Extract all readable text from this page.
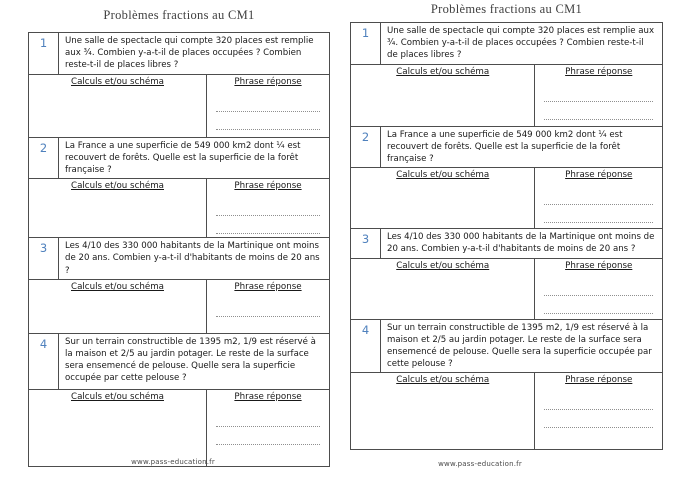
Problèmes fractions au CM1
1	Une salle de spectacle qui compte 320 places est remplie aux ¾. Combien y-a-t-il de places occupées ? Combien reste-t-il de places libres ?
Calculs et/ou schéma	Phrase réponse
2	La France a une superficie de 549 000 km2 dont ¼ est recouvert de forêts. Quelle est la superficie de la forêt française ?
Calculs et/ou schéma	Phrase réponse
3	Les 4/10 des 330 000 habitants de la Martinique ont moins de 20 ans. Combien y-a-t-il d'habitants de moins de 20 ans ?
Calculs et/ou schéma	Phrase réponse
4	Sur un terrain constructible de 1395 m2, 1/9 est réservé à la maison et 2/5 au jardin potager. Le reste de la surface sera ensemencé de pelouse. Quelle sera la superficie occupée par cette pelouse ?
Calculs et/ou schéma	Phrase réponse
Problèmes fractions au CM1
1	Une salle de spectacle qui compte 320 places est remplie aux ¾. Combien y-a-t-il de places occupées ? Combien reste-t-il de places libres ?
Calculs et/ou schéma	Phrase réponse
2	La France a une superficie de 549 000 km2 dont ¼ est recouvert de forêts. Quelle est la superficie de la forêt française ?
Calculs et/ou schéma	Phrase réponse
3	Les 4/10 des 330 000 habitants de la Martinique ont moins de 20 ans. Combien y-a-t-il d'habitants de moins de 20 ans ?
Calculs et/ou schéma	Phrase réponse
4	Sur un terrain constructible de 1395 m2, 1/9 est réservé à la maison et 2/5 au jardin potager. Le reste de la surface sera ensemencé de pelouse. Quelle sera la superficie occupée par cette pelouse ?
Calculs et/ou schéma	Phrase réponse
www.pass-education.fr	www.pass-education.fr
